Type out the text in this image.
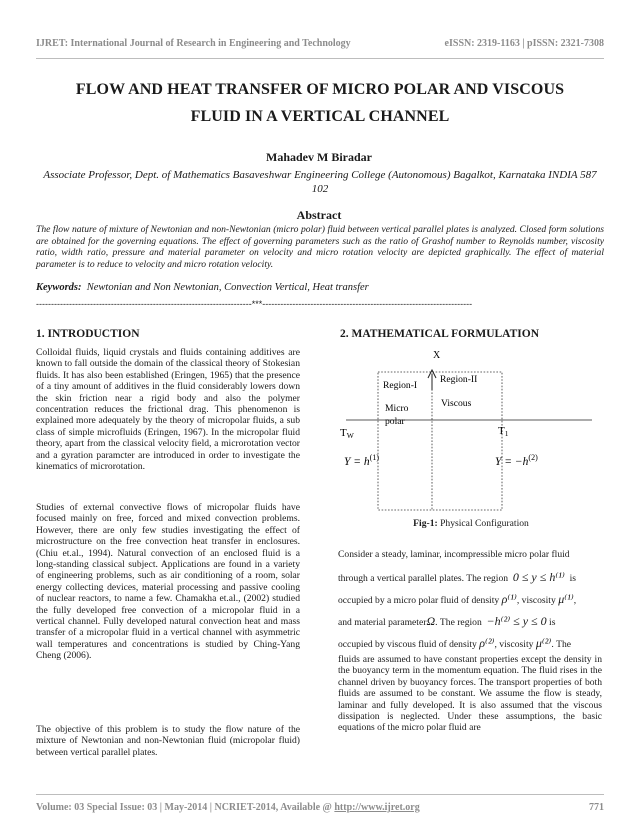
IJRET: International Journal of Research in Engineering and Technology	eISSN: 2319-1163 | pISSN: 2321-7308
FLOW AND HEAT TRANSFER OF MICRO POLAR AND VISCOUS
FLUID IN A VERTICAL CHANNEL
Mahadev M Biradar
Associate Professor, Dept. of Mathematics Basaveshwar Engineering College (Autonomous) Bagalkot, Karnataka INDIA 587 102
Abstract
The flow nature of mixture of Newtonian and non-Newtonian (micro polar) fluid between vertical parallel plates is analyzed. Closed form solutions are obtained for the governing equations. The effect of governing parameters such as the ratio of Grashof number to Reynolds number, viscosity ratio, width ratio, pressure and material parameter on velocity and micro rotation velocity are depicted graphically. The effect of material parameter is to reduce to velocity and micro rotation velocity.
Keywords: Newtonian and Non Newtonian, Convection Vertical, Heat transfer
------------------------------------------------------------------------***----------------------------------------------------------------------
1. INTRODUCTION

Colloidal fluids, liquid crystals and fluids containing additives are known to fall outside the domain of the classical theory of Stokesian fluids. It has also been established (Eringen, 1965) that the presence of a tiny amount of additives in the fluid considerably lowers down the skin friction near a rigid body and also the polymer concentration reduces the frictional drag. This phenomenon is explained more adequately by the theory of micropolar fluids, a sub class of simple microfluids (Eringen, 1967). In the micropolar fluid theory, apart from the classical velocity field, a microrotation vector and a gyration paramcter are introduced in order to investigate the kinematics of microrotation.

Studies of external convective flows of micropolar fluids have focused mainly on free, forced and mixed convection problems. However, there are only few studies investigating the effect of microstructure on the free convection heat transfer in enclosures. (Chiu et.al., 1994). Natural convection of an enclosed fluid is a long-standing classical subject. Applications are found in a variety of engineering problems, such as air conditioning of a room, solar energy collecting devices, material processing and passive cooling of nuclear reactors, to name a few. Chamakha et.al., (2002) studied the fully developed free convection of a micropolar fluid in a vertical channel. Fully developed natural convection heat and mass transfer of a micropolar fluid in a vertical channel with asymmetric wall temperatures and concentrations is studied by Ching-Yang Cheng (2006).

The objective of this problem is to study the flow nature of the mixture of Newtonian and non-Newtonian fluid (micropolar fluid) between vertical parallel plates.

2. MATHEMATICAL FORMULATION
X
Region-I
Micro
polar
Region-II
Viscous
TW	T1
$Y = h^{(1)}$	$Y = -h^{(2)}$
Fig-1: Physical Configuration
Consider a steady, laminar, incompressible micro polar fluid
through a vertical parallel plates. The region 0 ≤ y ≤ h⁽¹⁾ is
occupied by a micro polar fluid of density ρ⁽¹⁾, viscosity μ⁽¹⁾,
and material parameterΩ. The region −h⁽²⁾ ≤ y ≤ 0 is
occupied by viscous fluid of density ρ⁽²⁾, viscosity μ⁽²⁾. The
fluids are assumed to have constant properties except the density in the buoyancy term in the momentum equation. The fluid rises in the channel driven by buoyancy forces. The transport properties of both fluids are assumed to be constant. We assume the flow is steady, laminar and fully developed. It is also assumed that the viscous dissipation is neglected. Under these assumptions, the basic equations of the micro polar fluid are
Volume: 03 Special Issue: 03 | May-2014 | NCRIET-2014, Available @ http://www.ijret.org	771
